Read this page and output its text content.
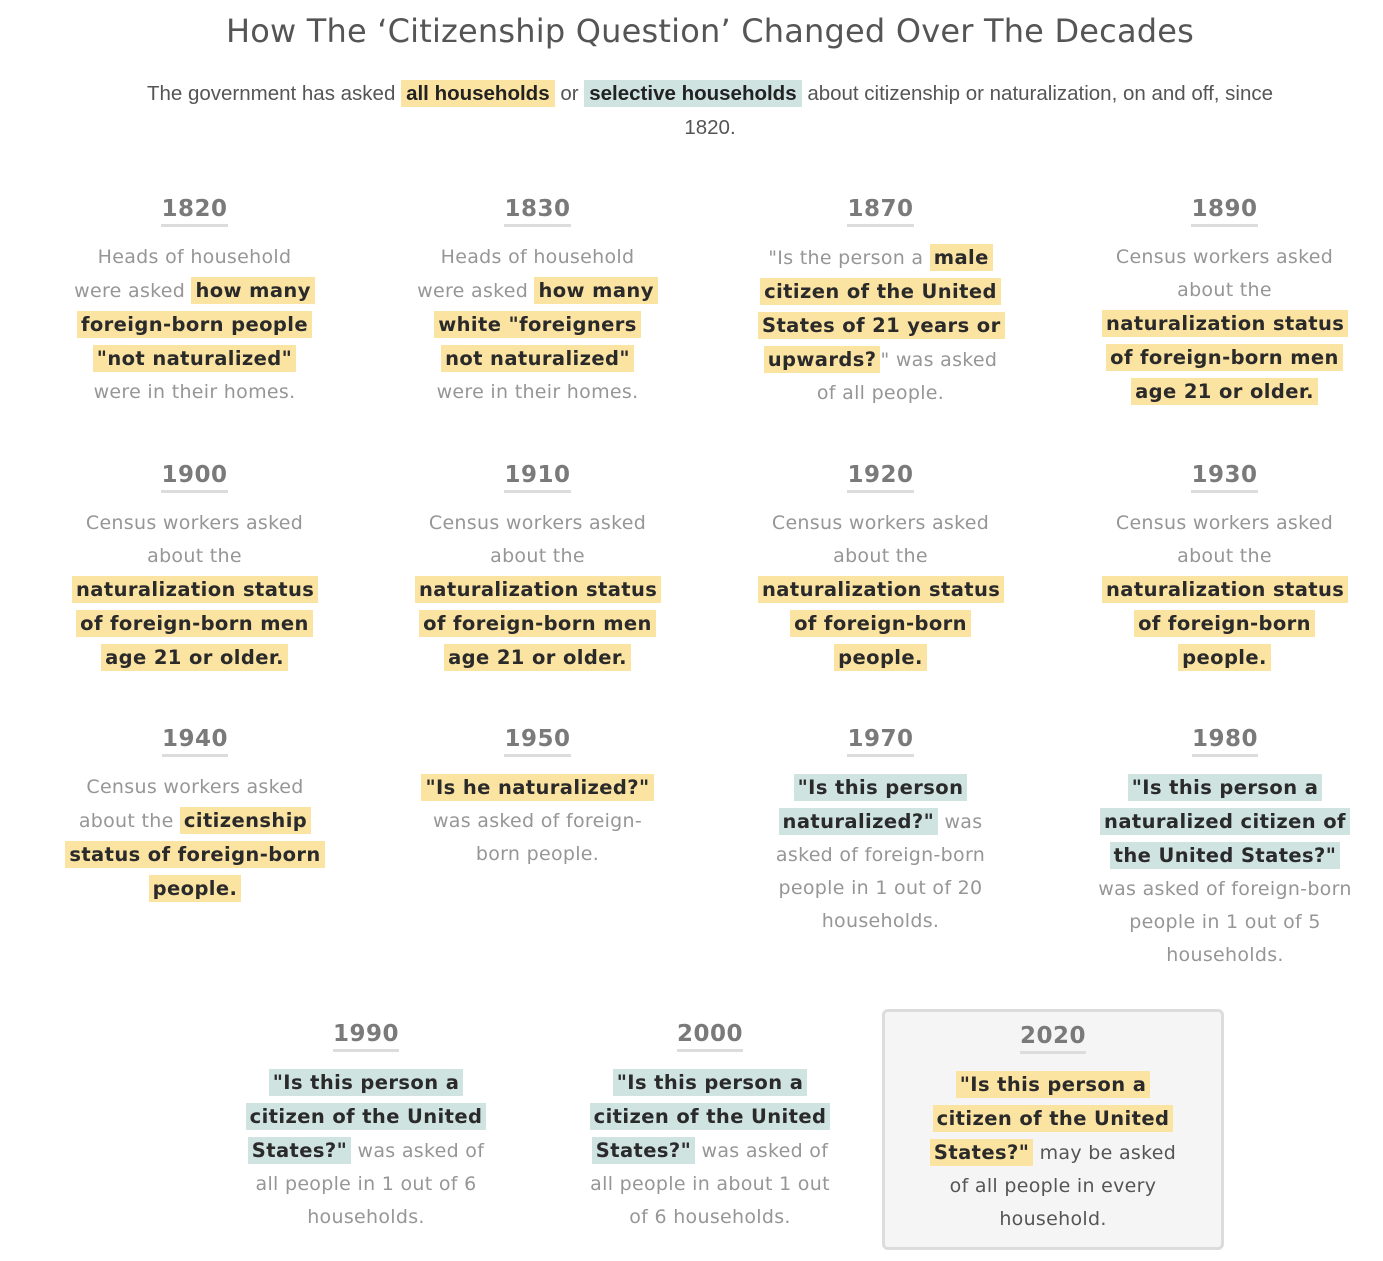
How The ‘Citizenship Question’ Changed Over The Decades

The government has asked all households or selective households about citizenship or naturalization, on and off, since 1820.

1820
Heads of household were asked how many foreign-born people "not naturalized" were in their homes.
1830
Heads of household were asked how many white "foreigners not naturalized" were in their homes.
1870
"Is the person a male citizen of the United States of 21 years or upwards? " was asked of all people.
1890
Census workers asked about the naturalization status of foreign-born men age 21 or older.
1900
Census workers asked about the naturalization status of foreign-born men age 21 or older.
1910
Census workers asked about the naturalization status of foreign-born men age 21 or older.
1920
Census workers asked about the naturalization status of foreign-born people.
1930
Census workers asked about the naturalization status of foreign-born people.
1940
Census workers asked about the citizenship status of foreign-born people.
1950
"Is he naturalized?" was asked of foreign-born people.
1970
"Is this person naturalized?" was asked of foreign-born people in 1 out of 20 households.
1980
"Is this person a naturalized citizen of the United States?" was asked of foreign-born people in 1 out of 5 households.
1990
"Is this person a citizen of the United States?" was asked of all people in 1 out of 6 households.
2000
"Is this person a citizen of the United States?" was asked of all people in about 1 out of 6 households.
2020
"Is this person a citizen of the United States?" may be asked of all people in every household.
